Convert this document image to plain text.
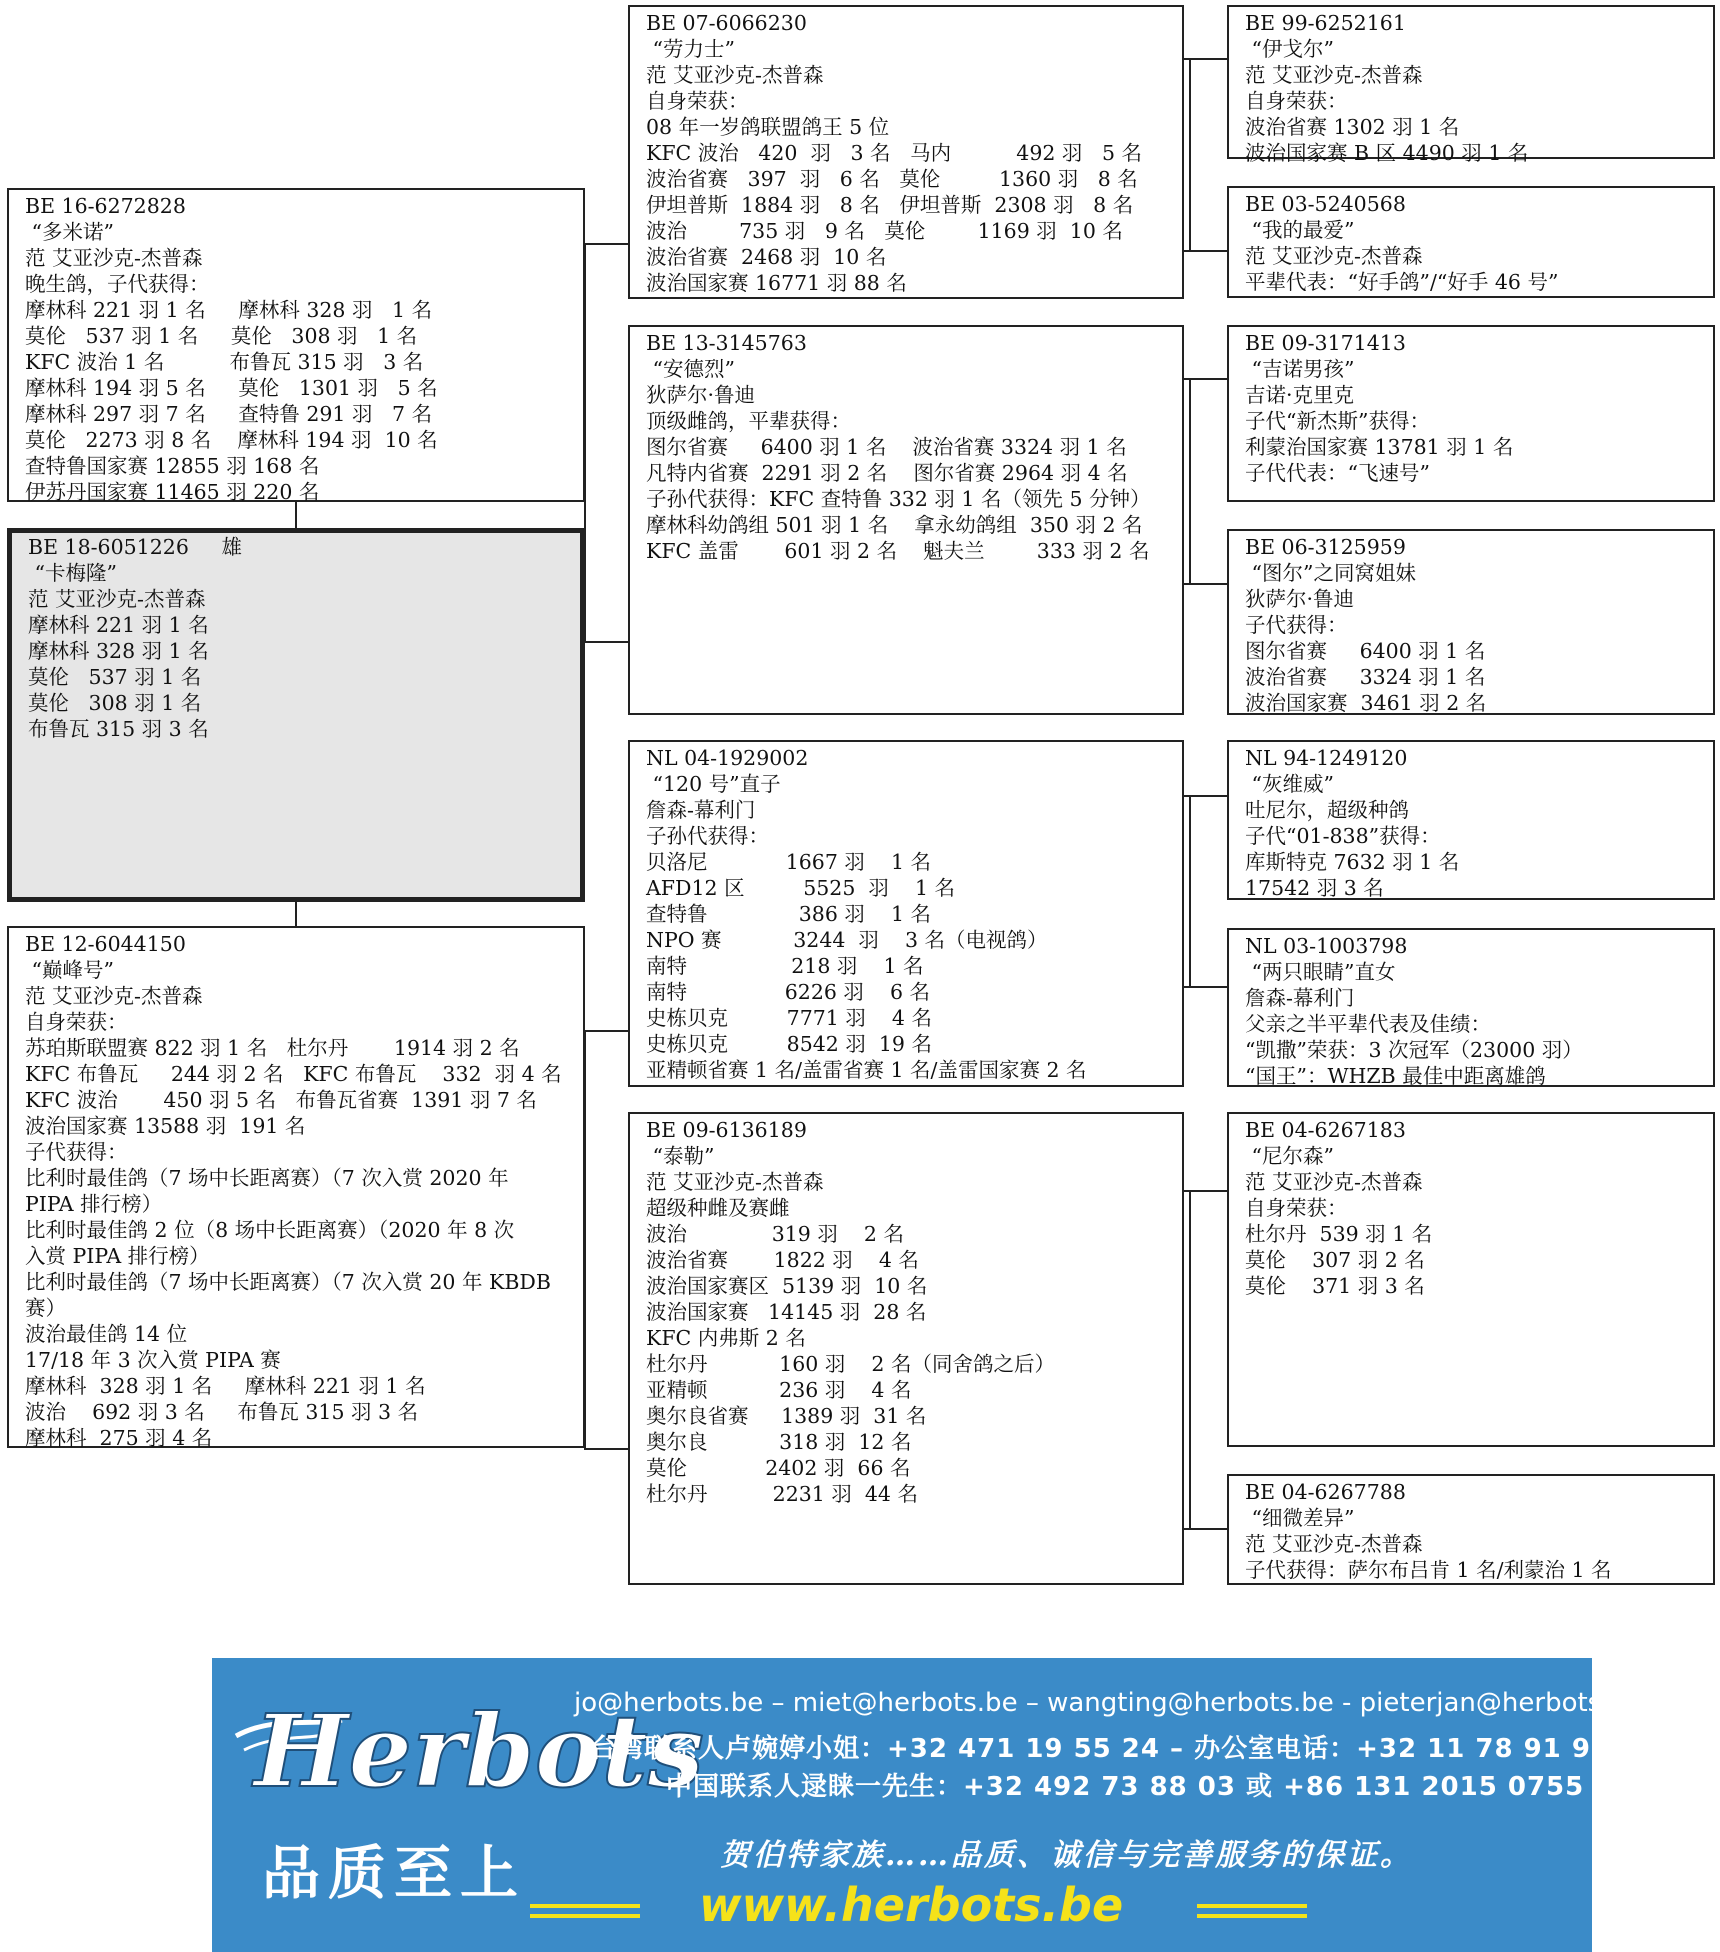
BE 16-6272828
“多米诺”
范 艾亚沙克-杰普森
晚生鸽，子代获得：
摩林科 221 羽 1 名     摩林科 328 羽   1 名
莫伦   537 羽 1 名     莫伦   308 羽   1 名
KFC 波治 1 名          布鲁瓦 315 羽   3 名
摩林科 194 羽 5 名     莫伦   1301 羽   5 名
摩林科 297 羽 7 名     查特鲁 291 羽   7 名
莫伦   2273 羽 8 名    摩林科 194 羽  10 名
查特鲁国家赛 12855 羽 168 名
伊苏丹国家赛 11465 羽 220 名
BE 18-6051226     雄
“卡梅隆”
范 艾亚沙克-杰普森
摩林科 221 羽 1 名
摩林科 328 羽 1 名
莫伦   537 羽 1 名
莫伦   308 羽 1 名
布鲁瓦 315 羽 3 名
BE 12-6044150
“巅峰号”
范 艾亚沙克-杰普森
自身荣获：
苏珀斯联盟赛 822 羽 1 名   杜尔丹       1914 羽 2 名
KFC 布鲁瓦     244 羽 2 名   KFC 布鲁瓦    332  羽 4 名
KFC 波治       450 羽 5 名   布鲁瓦省赛  1391 羽 7 名
波治国家赛 13588 羽  191 名
子代获得：
比利时最佳鸽（7 场中长距离赛）（7 次入赏 2020 年
PIPA 排行榜）
比利时最佳鸽 2 位（8 场中长距离赛）（2020 年 8 次
入赏 PIPA 排行榜）
比利时最佳鸽（7 场中长距离赛）（7 次入赏 20 年 KBDB
赛）
波治最佳鸽 14 位
17/18 年 3 次入赏 PIPA 赛
摩林科  328 羽 1 名     摩林科 221 羽 1 名
波治    692 羽 3 名     布鲁瓦 315 羽 3 名
摩林科  275 羽 4 名
BE 07-6066230
“劳力士”
范 艾亚沙克-杰普森
自身荣获：
08 年一岁鸽联盟鸽王 5 位
KFC 波治   420  羽   3 名   马内          492 羽   5 名
波治省赛   397  羽   6 名   莫伦         1360 羽   8 名
伊坦普斯  1884 羽   8 名   伊坦普斯  2308 羽   8 名
波治        735 羽   9 名   莫伦        1169 羽  10 名
波治省赛  2468 羽  10 名
波治国家赛 16771 羽 88 名
BE 13-3145763
“安德烈”
狄萨尔·鲁迪
顶级雌鸽，平辈获得：
图尔省赛     6400 羽 1 名    波治省赛 3324 羽 1 名
凡特内省赛  2291 羽 2 名    图尔省赛 2964 羽 4 名
子孙代获得：KFC 查特鲁 332 羽 1 名（领先 5 分钟）
摩林科幼鸽组 501 羽 1 名    拿永幼鸽组  350 羽 2 名
KFC 盖雷       601 羽 2 名    魁夫兰        333 羽 2 名
NL 04-1929002
“120 号”直子
詹森-幕利门
子孙代获得：
贝洛尼            1667 羽    1 名
AFD12 区         5525  羽    1 名
查特鲁              386 羽    1 名
NPO 赛           3244  羽    3 名（电视鸽）
南特                218 羽    1 名
南特               6226 羽    6 名
史栋贝克         7771 羽    4 名
史栋贝克         8542 羽  19 名
亚精顿省赛 1 名/盖雷省赛 1 名/盖雷国家赛 2 名
BE 09-6136189
“泰勒”
范 艾亚沙克-杰普森
超级种雌及赛雌
波治             319 羽    2 名
波治省赛       1822 羽    4 名
波治国家赛区  5139 羽  10 名
波治国家赛   14145 羽  28 名
KFC 内弗斯 2 名
杜尔丹           160 羽    2 名（同舍鸽之后）
亚精顿           236 羽    4 名
奥尔良省赛     1389 羽  31 名
奥尔良           318 羽  12 名
莫伦            2402 羽  66 名
杜尔丹          2231 羽  44 名
BE 99-6252161
“伊戈尔”
范 艾亚沙克-杰普森
自身荣获：
波治省赛 1302 羽 1 名
波治国家赛 B 区 4490 羽 1 名
BE 03-5240568
“我的最爱”
范 艾亚沙克-杰普森
平辈代表：“好手鸽”/“好手 46 号”
BE 09-3171413
“吉诺男孩”
吉诺·克里克
子代“新杰斯”获得：
利蒙治国家赛 13781 羽 1 名
子代代表：“飞速号”
BE 06-3125959
“图尔”之同窝姐妹
狄萨尔·鲁迪
子代获得：
图尔省赛     6400 羽 1 名
波治省赛     3324 羽 1 名
波治国家赛  3461 羽 2 名
NL 94-1249120
“灰维威”
吐尼尔，超级种鸽
子代“01-838”获得：
库斯特克 7632 羽 1 名
17542 羽 3 名
NL 03-1003798
“两只眼睛”直女
詹森-幕利门
父亲之半平辈代表及佳绩：
“凯撒”荣获：3 次冠军（23000 羽）
“国王”：WHZB 最佳中距离雄鸽
BE 04-6267183
“尼尔森”
范 艾亚沙克-杰普森
自身荣获：
杜尔丹  539 羽 1 名
莫伦    307 羽 2 名
莫伦    371 羽 3 名
BE 04-6267788
“细微差异”
范 艾亚沙克-杰普森
子代获得：萨尔布吕肯 1 名/利蒙治 1 名
Herbots
品质至上
jo@herbots.be – miet@herbots.be – wangting@herbots.be - pieterjan@herbots.be
台湾联系人卢婉婷小姐：+32 471 19 55 24 – 办公室电话：+32 11 78 91 90
中国联系人逯睐一先生：+32 492 73 88 03 或 +86 131 2015 0755
贺伯特家族……品质、诚信与完善服务的保证。
www.herbots.be
